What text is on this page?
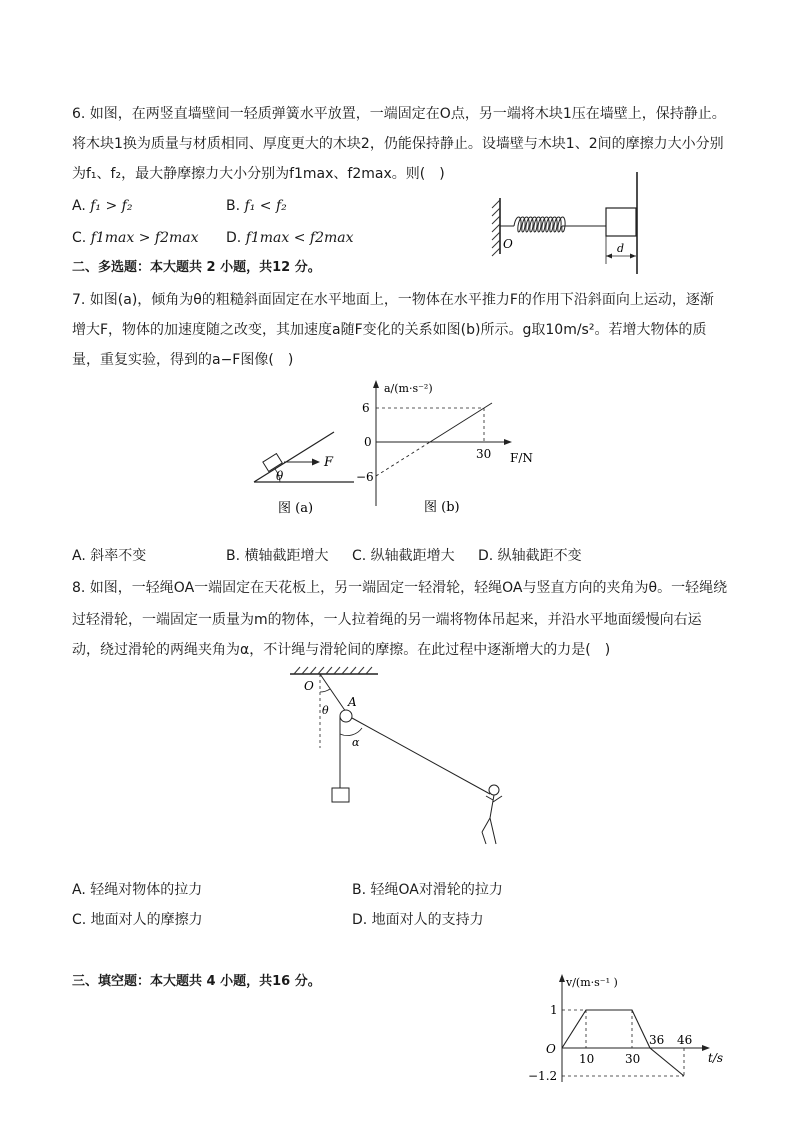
6. 如图，在两竖直墙壁间一轻质弹簧水平放置，一端固定在O点，另一端将木块1压在墙壁上，保持静止。
将木块1换为质量与材质相同、厚度更大的木块2，仍能保持静止。设墙壁与木块1、2间的摩擦力大小分别
为f₁、f₂，最大静摩擦力大小分别为f1max、f2max。则(　)
A. f₁ > f₂	B. f₁ < f₂
C. f1max > f2max D. f1max < f2max	O	d
二、多选题：本大题共 2 小题，共12 分。
7. 如图(a)，倾角为θ的粗糙斜面固定在水平地面上，一物体在水平推力F的作用下沿斜面向上运动，逐渐
增大F，物体的加速度随之改变，其加速度a随F变化的关系如图(b)所示。g取10m/s²。若增大物体的质
量，重复实验，得到的a−F图像(　)
F
θ
图 (a)
a/(m·s⁻²)
F/N
6
0
−6
30
图 (b)
A. 斜率不变	B. 横轴截距增大 C. 纵轴截距增大 D. 纵轴截距不变
8. 如图，一轻绳OA一端固定在天花板上，另一端固定一轻滑轮，轻绳OA与竖直方向的夹角为θ。一轻绳绕
过轻滑轮，一端固定一质量为m的物体，一人拉着绳的另一端将物体吊起来，并沿水平地面缓慢向右运
动，绕过滑轮的两绳夹角为α，不计绳与滑轮间的摩擦。在此过程中逐渐增大的力是(　)
O
A
θ
α
A. 轻绳对物体的拉力	B. 轻绳OA对滑轮的拉力
C. 地面对人的摩擦力	D. 地面对人的支持力
三、填空题：本大题共 4 小题，共16 分。	v/(m·s⁻¹ )
t/s
O
1
−1.2
10	30
36 46
